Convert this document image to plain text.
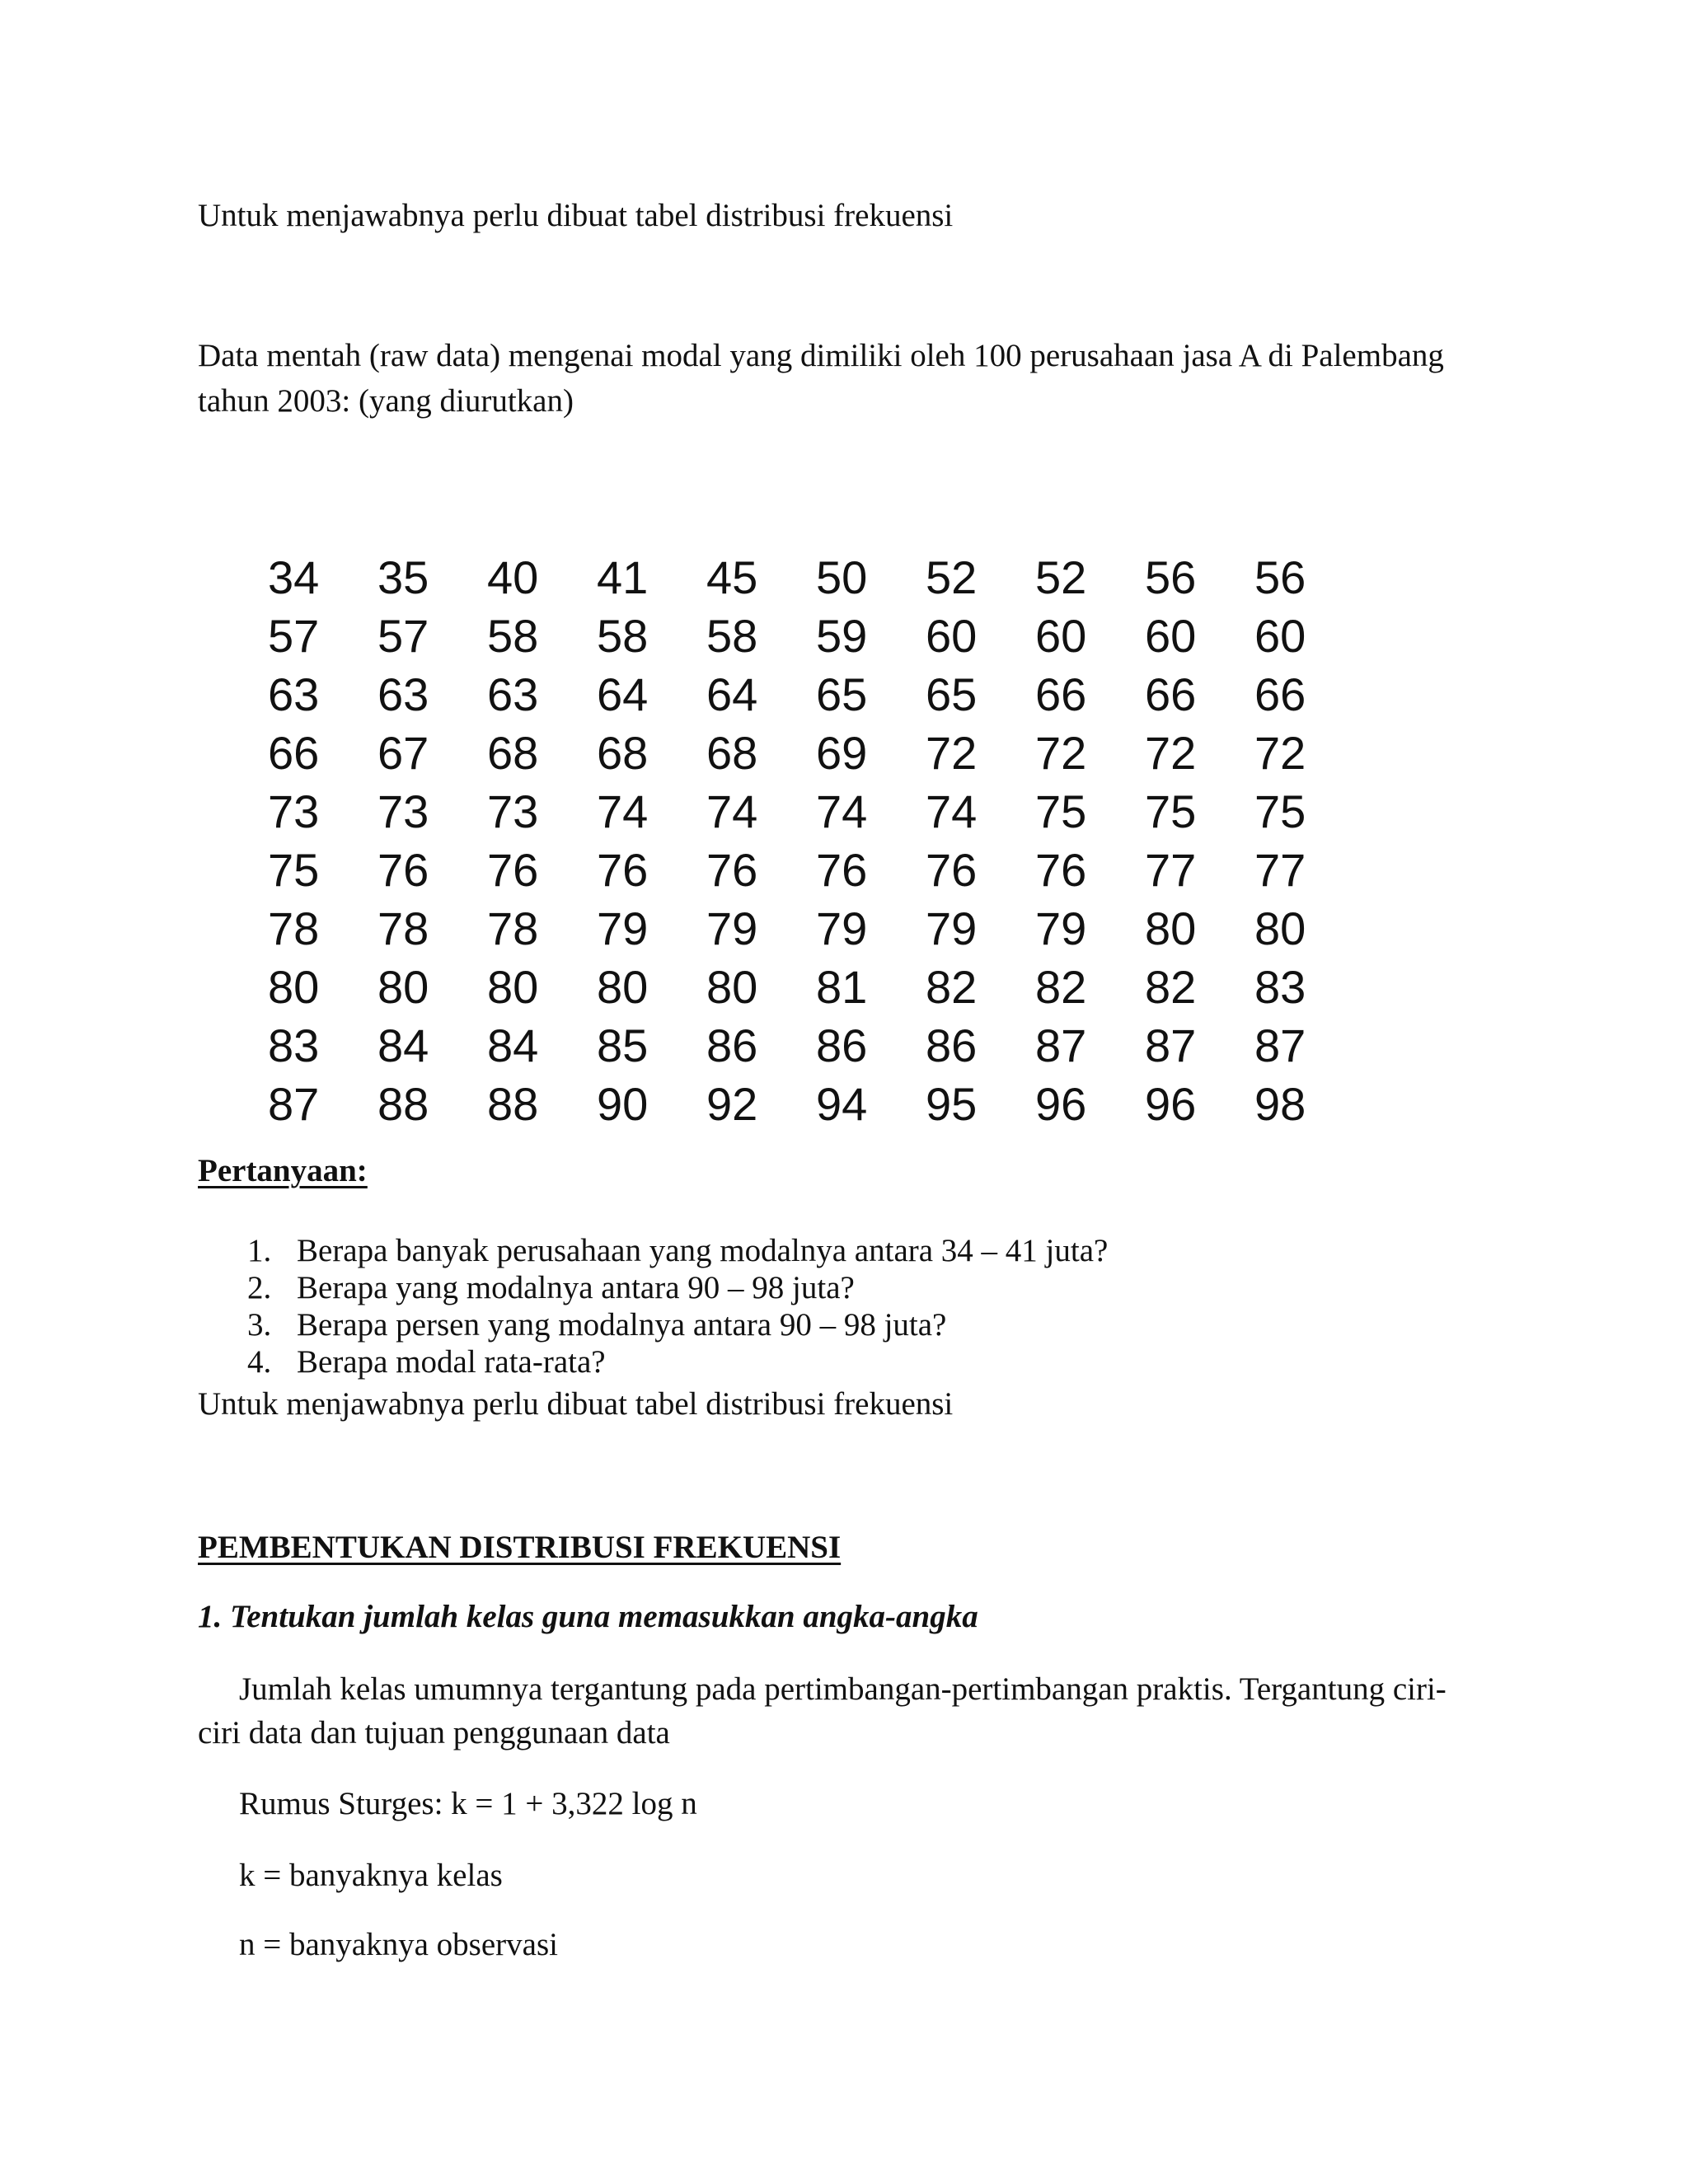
Untuk menjawabnya perlu dibuat tabel distribusi frekuensi
Data mentah (raw data) mengenai modal yang dimiliki oleh 100 perusahaan jasa A di Palembang
tahun 2003: (yang diurutkan)
34	35	40	41	45	50	52	52	56	56
57	57	58	58	58	59	60	60	60	60
63	63	63	64	64	65	65	66	66	66
66	67	68	68	68	69	72	72	72	72
73	73	73	74	74	74	74	75	75	75
75	76	76	76	76	76	76	76	77	77
78	78	78	79	79	79	79	79	80	80
80	80	80	80	80	81	82	82	82	83
83	84	84	85	86	86	86	87	87	87
87	88	88	90	92	94	95	96	96	98
Pertanyaan:
1. Berapa banyak perusahaan yang modalnya antara 34 – 41 juta?
2. Berapa yang modalnya antara 90 – 98 juta?
3. Berapa persen yang modalnya antara 90 – 98 juta?
4. Berapa modal rata-rata?
Untuk menjawabnya perlu dibuat tabel distribusi frekuensi
PEMBENTUKAN DISTRIBUSI FREKUENSI
1. Tentukan jumlah kelas guna memasukkan angka-angka
Jumlah kelas umumnya tergantung pada pertimbangan-pertimbangan praktis. Tergantung ciri-
ciri data dan tujuan penggunaan data
Rumus Sturges: k = 1 + 3,322 log n
k = banyaknya kelas
n = banyaknya observasi
